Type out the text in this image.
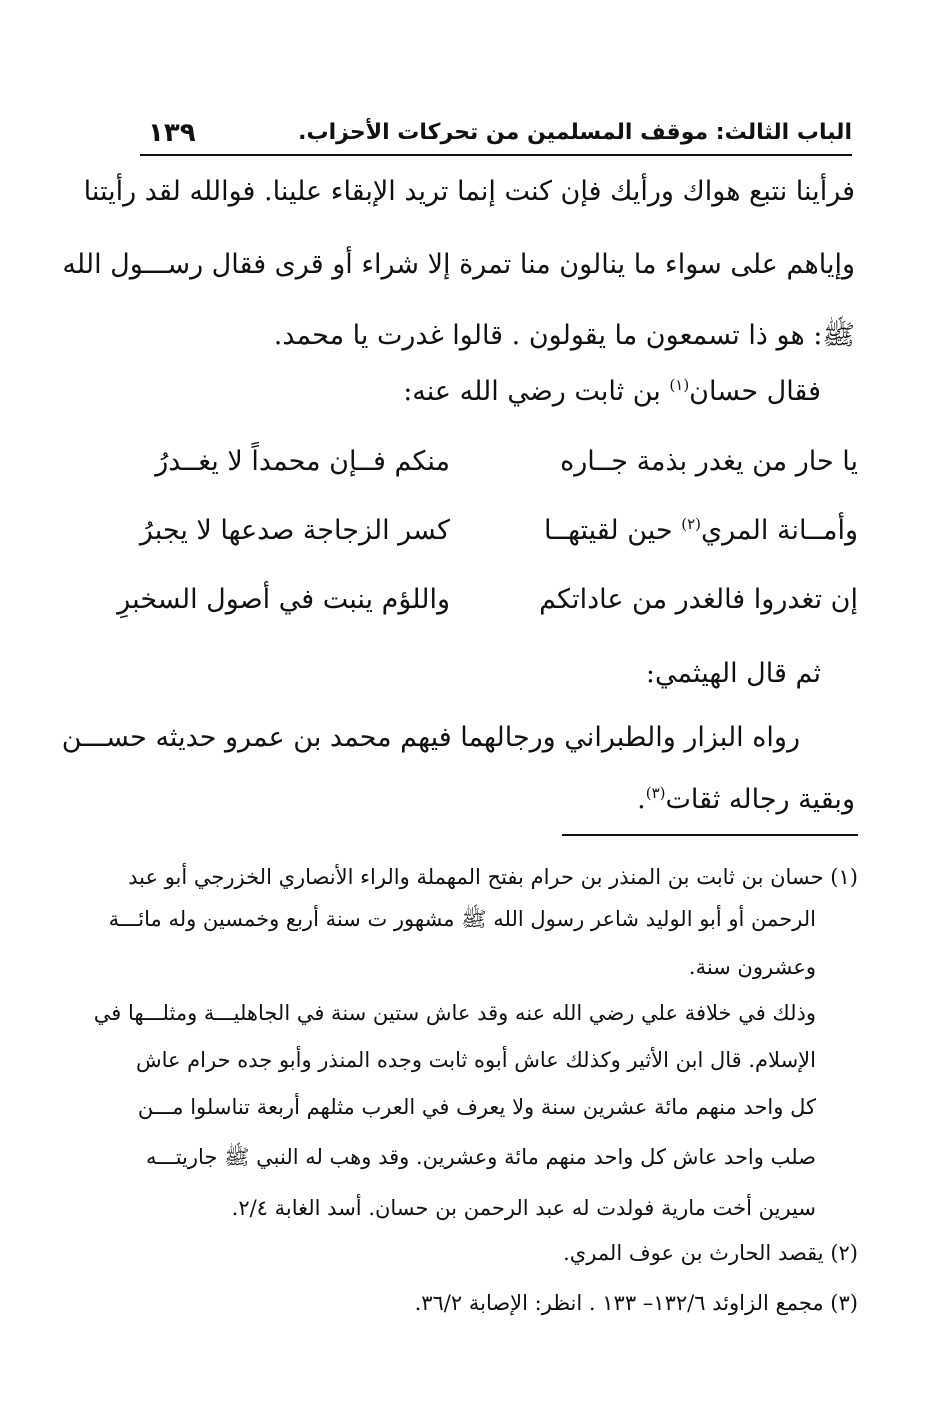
الباب الثالث: موقف المسلمين من تحركات الأحزاب.
١٣٩
فرأينا نتبع هواك ورأيك فإن كنت إنما تريد الإبقاء علينا. فوالله لقد رأيتنا
وإياهم على سواء ما ينالون منا تمرة إلا شراء أو قرى فقال رســـول الله
ﷺ: هو ذا تسمعون ما يقولون . قالوا غدرت يا محمد.
فقال حسان$^{(١)}$ بن ثابت رضي الله عنه:
يا حار من يغدر بذمة جــاره
منكم فــإن محمداً لا يغــدرُ
وأمــانة المري$^{(٢)}$ حين لقيتهــا
كسر الزجاجة صدعها لا يجبرُ
إن تغدروا فالغدر من عاداتكم
واللؤم ينبت في أصول السخبرِ
ثم قال الهيثمي:
رواه البزار والطبراني ورجالهما فيهم محمد بن عمرو حديثه حســـن
وبقية رجاله ثقات$^{(٣)}$.
(١) حسان بن ثابت بن المنذر بن حرام بفتح المهملة والراء الأنصاري الخزرجي أبو عبد
الرحمن أو أبو الوليد شاعر رسول الله ﷺ مشهور ت سنة أربع وخمسين وله مائـــة
وعشرون سنة.
وذلك في خلافة علي رضي الله عنه وقد عاش ستين سنة في الجاهليـــة ومثلـــها في
الإسلام. قال ابن الأثير وكذلك عاش أبوه ثابت وجده المنذر وأبو جده حرام عاش
كل واحد منهم مائة عشرين سنة ولا يعرف في العرب مثلهم أربعة تناسلوا مـــن
صلب واحد عاش كل واحد منهم مائة وعشرين. وقد وهب له النبي ﷺ جاريتـــه
سيرين أخت مارية فولدت له عبد الرحمن بن حسان. أسد الغابة ٢/٤.
(٢) يقصد الحارث بن عوف المري.
(٣) مجمع الزاوئد ١٣٢/٦– ١٣٣ . انظر: الإصابة ٣٦/٢.
